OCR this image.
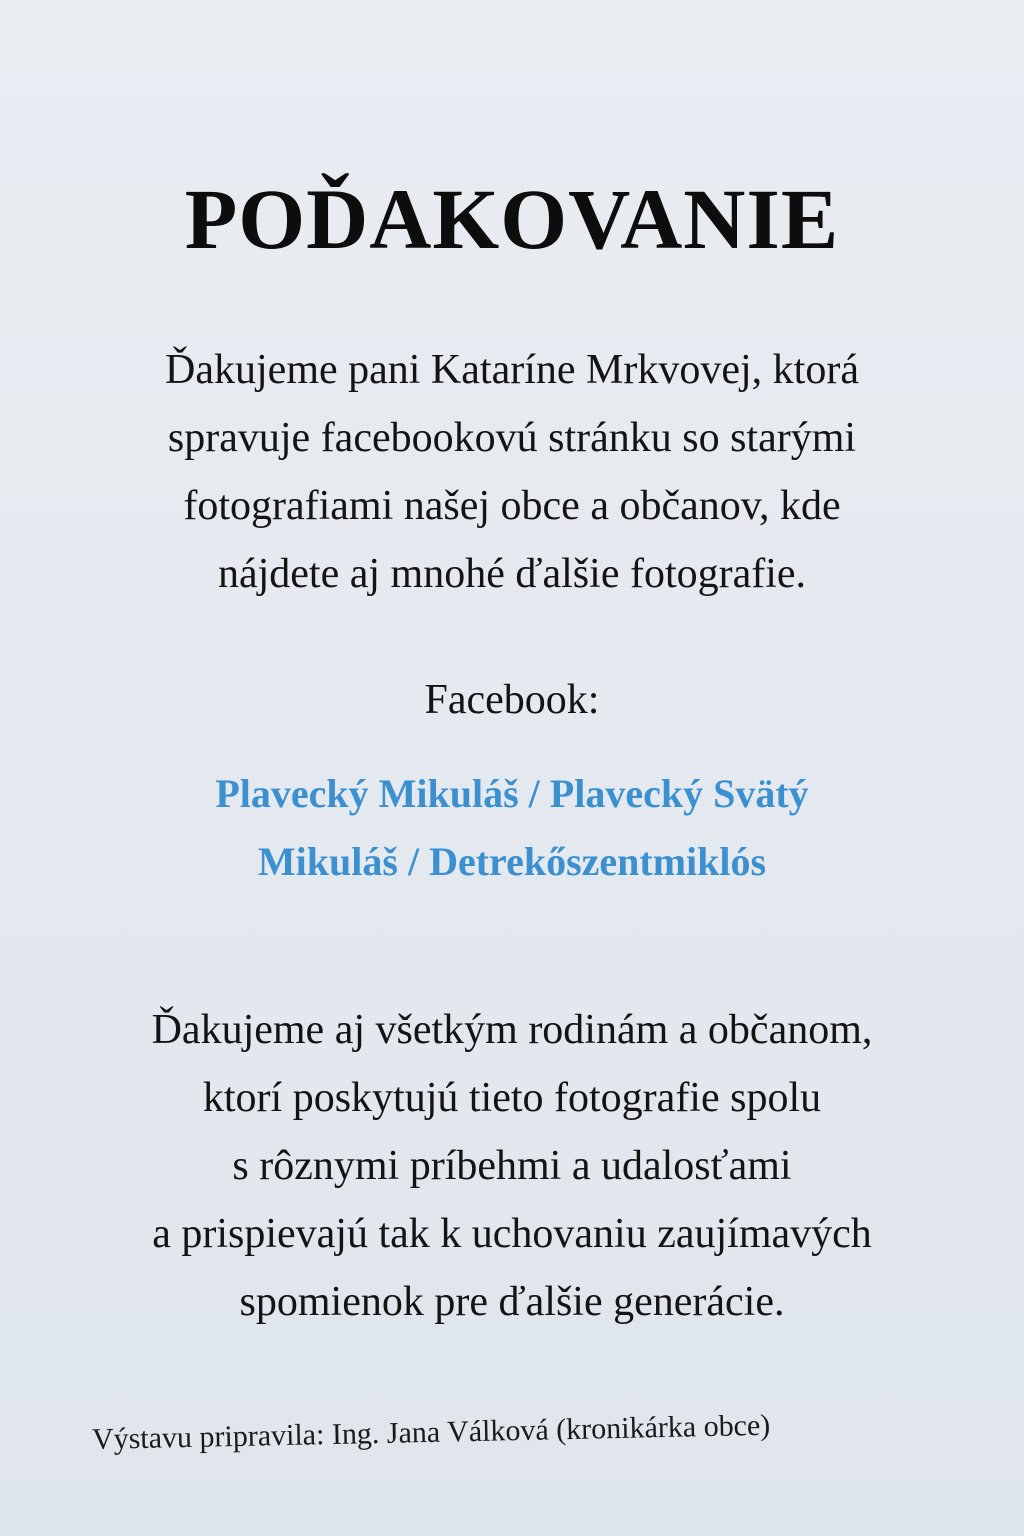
POĎAKOVANIE
Ďakujeme pani Kataríne Mrkvovej, ktorá
spravuje facebookovú stránku so starými
fotografiami našej obce a občanov, kde
nájdete aj mnohé ďalšie fotografie.
Facebook:
Plavecký Mikuláš / Plavecký Svätý
Mikuláš / Detrekőszentmiklós
Ďakujeme aj všetkým rodinám a občanom,
ktorí poskytujú tieto fotografie spolu
s rôznymi príbehmi a udalosťami
a prispievajú tak k uchovaniu zaujímavých
spomienok pre ďalšie generácie.
Výstavu pripravila: Ing. Jana Válková (kronikárka obce)
